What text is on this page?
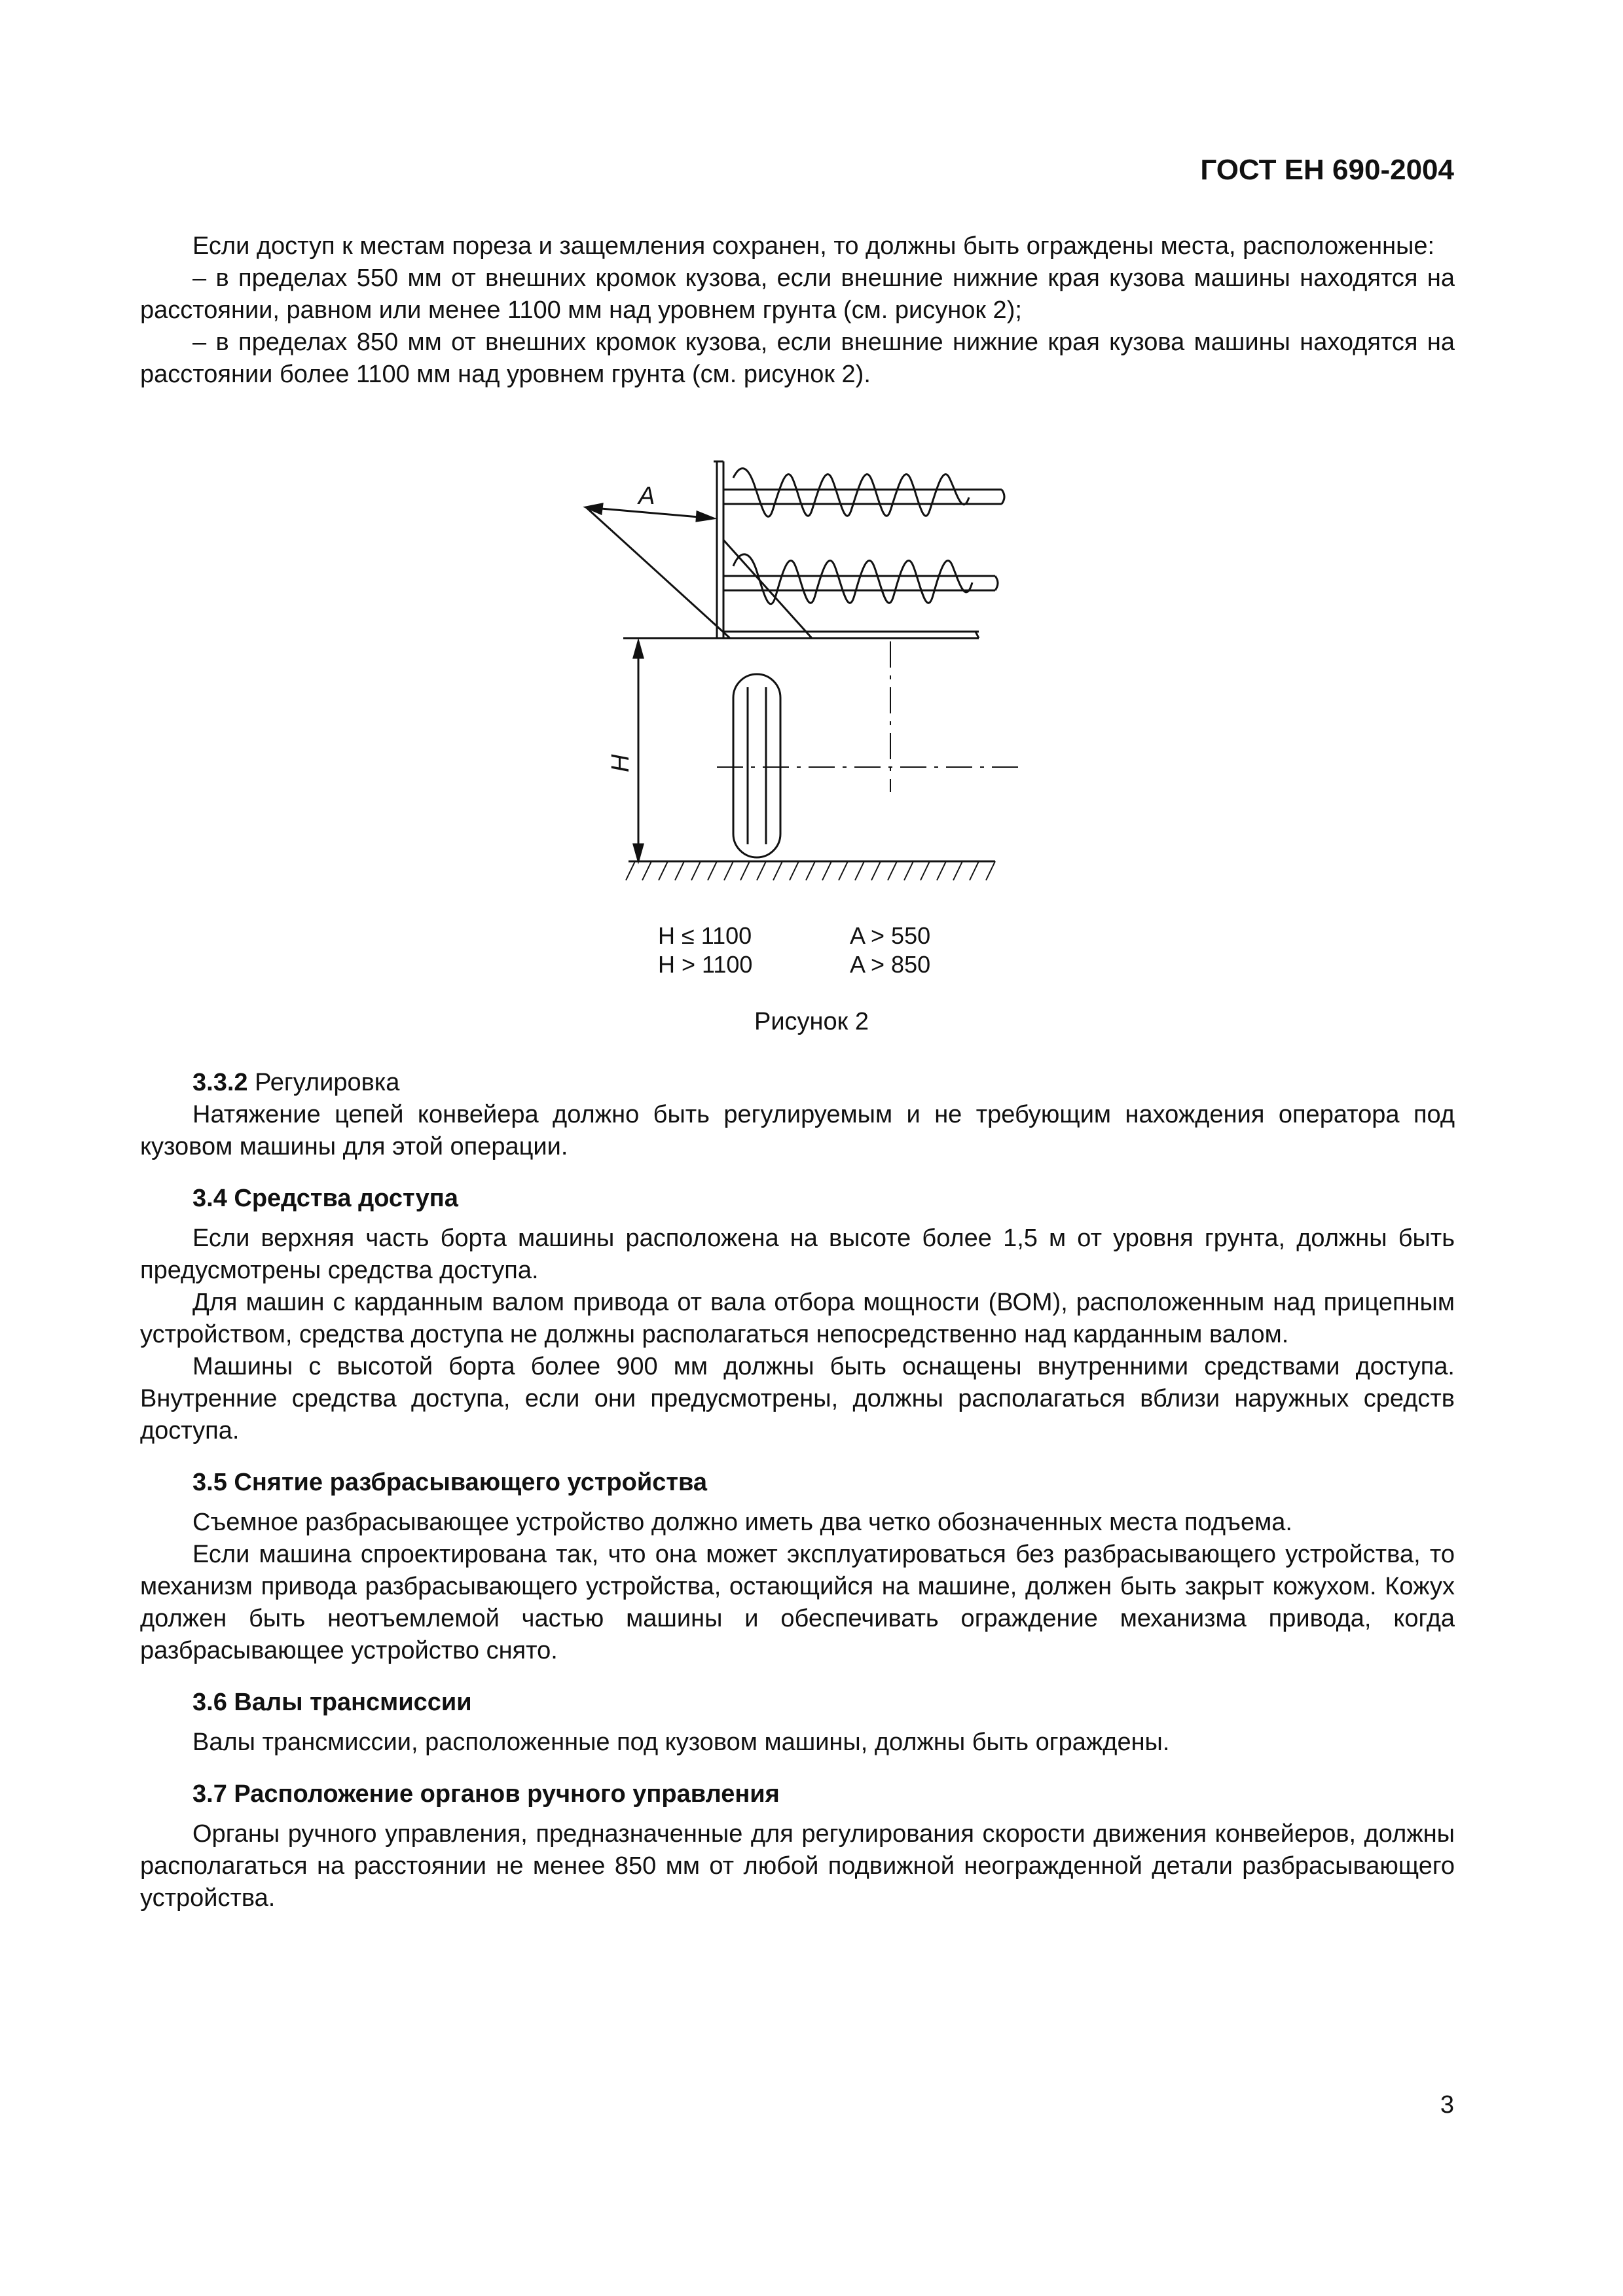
ГОСТ ЕН 690-2004

Если доступ к местам пореза и защемления сохранен, то должны быть ограждены места, расположенные:

– в пределах 550 мм от внешних кромок кузова, если внешние нижние края кузова машины находятся на расстоянии, равном или менее 1100 мм над уровнем грунта (см. рисунок 2);

– в пределах 850 мм от внешних кромок кузова, если внешние нижние края кузова машины находятся на расстоянии более 1100 мм над уровнем грунта (см. рисунок 2).

A
H
H ≤ 1100
H > 1100
A > 550
A > 850
Рисунок 2

3.3.2 Регулировка

Натяжение цепей конвейера должно быть регулируемым и не требующим нахождения оператора под кузовом машины для этой операции.

3.4 Средства доступа

Если верхняя часть борта машины расположена на высоте более 1,5 м от уровня грунта, должны быть предусмотрены средства доступа.

Для машин с карданным валом привода от вала отбора мощности (ВОМ), расположенным над прицепным устройством, средства доступа не должны располагаться непосредственно над карданным валом.

Машины с высотой борта более 900 мм должны быть оснащены внутренними средствами доступа. Внутренние средства доступа, если они предусмотрены, должны располагаться вблизи наружных средств доступа.

3.5 Снятие разбрасывающего устройства

Съемное разбрасывающее устройство должно иметь два четко обозначенных места подъема.

Если машина спроектирована так, что она может эксплуатироваться без разбрасывающего устройства, то механизм привода разбрасывающего устройства, остающийся на машине, должен быть закрыт кожухом. Кожух должен быть неотъемлемой частью машины и обеспечивать ограждение механизма привода, когда разбрасывающее устройство снято.

3.6 Валы трансмиссии

Валы трансмиссии, расположенные под кузовом машины, должны быть ограждены.

3.7 Расположение органов ручного управления

Органы ручного управления, предназначенные для регулирования скорости движения конвейеров, должны располагаться на расстоянии не менее 850 мм от любой подвижной неогражденной детали разбрасывающего устройства.

3
